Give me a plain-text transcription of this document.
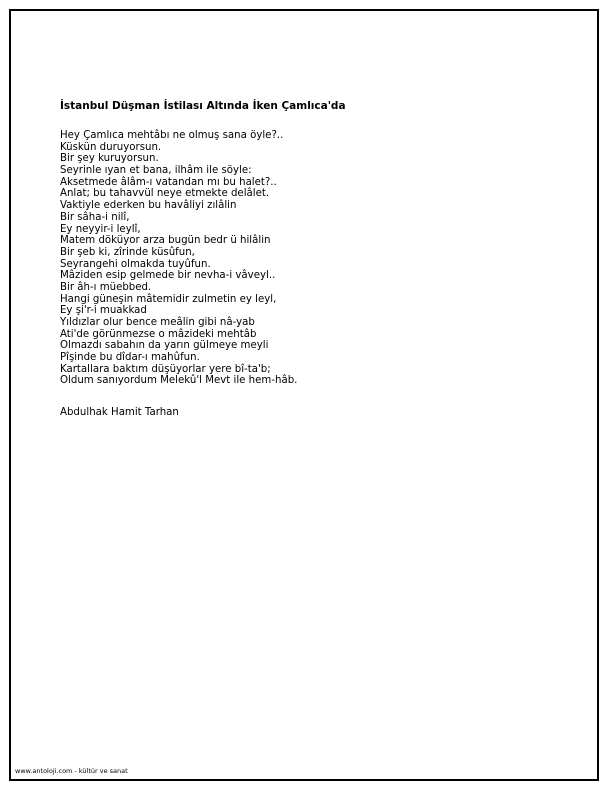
İstanbul Düşman İstilası Altında İken Çamlıca'da
Hey Çamlıca mehtâbı ne olmuş sana öyle?..
Küskün duruyorsun.
Bir şey kuruyorsun.
Seyrinle ıyan et bana, ilhâm ile söyle:
Aksetmede âlâm-ı vatandan mı bu halet?..
Anlat; bu tahavvül neye etmekte delâlet.
Vaktiyle ederken bu havâliyi zılâlin
Bir sâha-i nilî,
Ey neyyir-i leylî,
Matem döküyor arza bugün bedr ü hilâlin
Bir şeb ki, zîrinde küsûfun,
Seyrangehi olmakda tuyûfun.
Mâziden esip gelmede bir nevha-i vâveyl..
Bir âh-ı müebbed.
Hangi güneşin mâtemidir zulmetin ey leyl,
Ey şi'r-i muakkad
Yıldızlar olur bence meâlin gibi nâ-yab
Ati'de görünmezse o mâzideki mehtâb
Olmazdı sabahın da yarın gülmeye meyli
Pîşinde bu dîdar-ı mahûfun.
Kartallara baktım düşüyorlar yere bî-ta'b;
Oldum sanıyordum Melekû'l Mevt ile hem-hâb.
Abdulhak Hamit Tarhan
www.antoloji.com - kültür ve sanat
